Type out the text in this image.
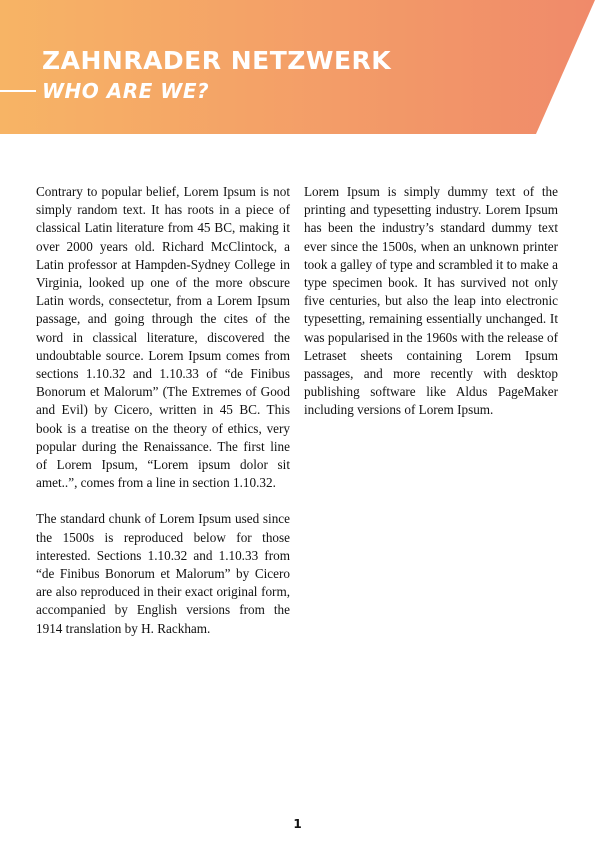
ZAHNRADER NETZWERK
WHO ARE WE?

Contrary to popular belief, Lorem Ipsum is not simply random text. It has roots in a piece of classical Latin literature from 45 BC, making it over 2000 years old. Richard McClintock, a Latin professor at Hampden-Sydney College in Virginia, looked up one of the more obscure Latin words, consectetur, from a Lorem Ipsum passage, and going through the cites of the word in classical literature, discovered the undoubtable source. Lorem Ipsum comes from sections 1.10.32 and 1.10.33 of “de Finibus Bonorum et Malorum” (The Extremes of Good and Evil) by Cicero, written in 45 BC. This book is a treatise on the theory of ethics, very popular during the Renaissance. The first line of Lorem Ipsum, “Lorem ipsum dolor sit amet..”, comes from a line in section 1.10.32.

The standard chunk of Lorem Ipsum used since the 1500s is reproduced below for those interested. Sections 1.10.32 and 1.10.33 from “de Finibus Bonorum et Malorum” by Cicero are also reproduced in their exact original form, accompanied by English versions from the 1914 translation by H. Rackham.

Lorem Ipsum is simply dummy text of the printing and typesetting industry. Lorem Ipsum has been the industry’s standard dummy text ever since the 1500s, when an unknown printer took a galley of type and scrambled it to make a type specimen book. It has survived not only five centuries, but also the leap into electronic typesetting, remaining essentially unchanged. It was popularised in the 1960s with the release of Letraset sheets containing Lorem Ipsum passages, and more recently with desktop publishing software like Aldus PageMaker including versions of Lorem Ipsum.

1
